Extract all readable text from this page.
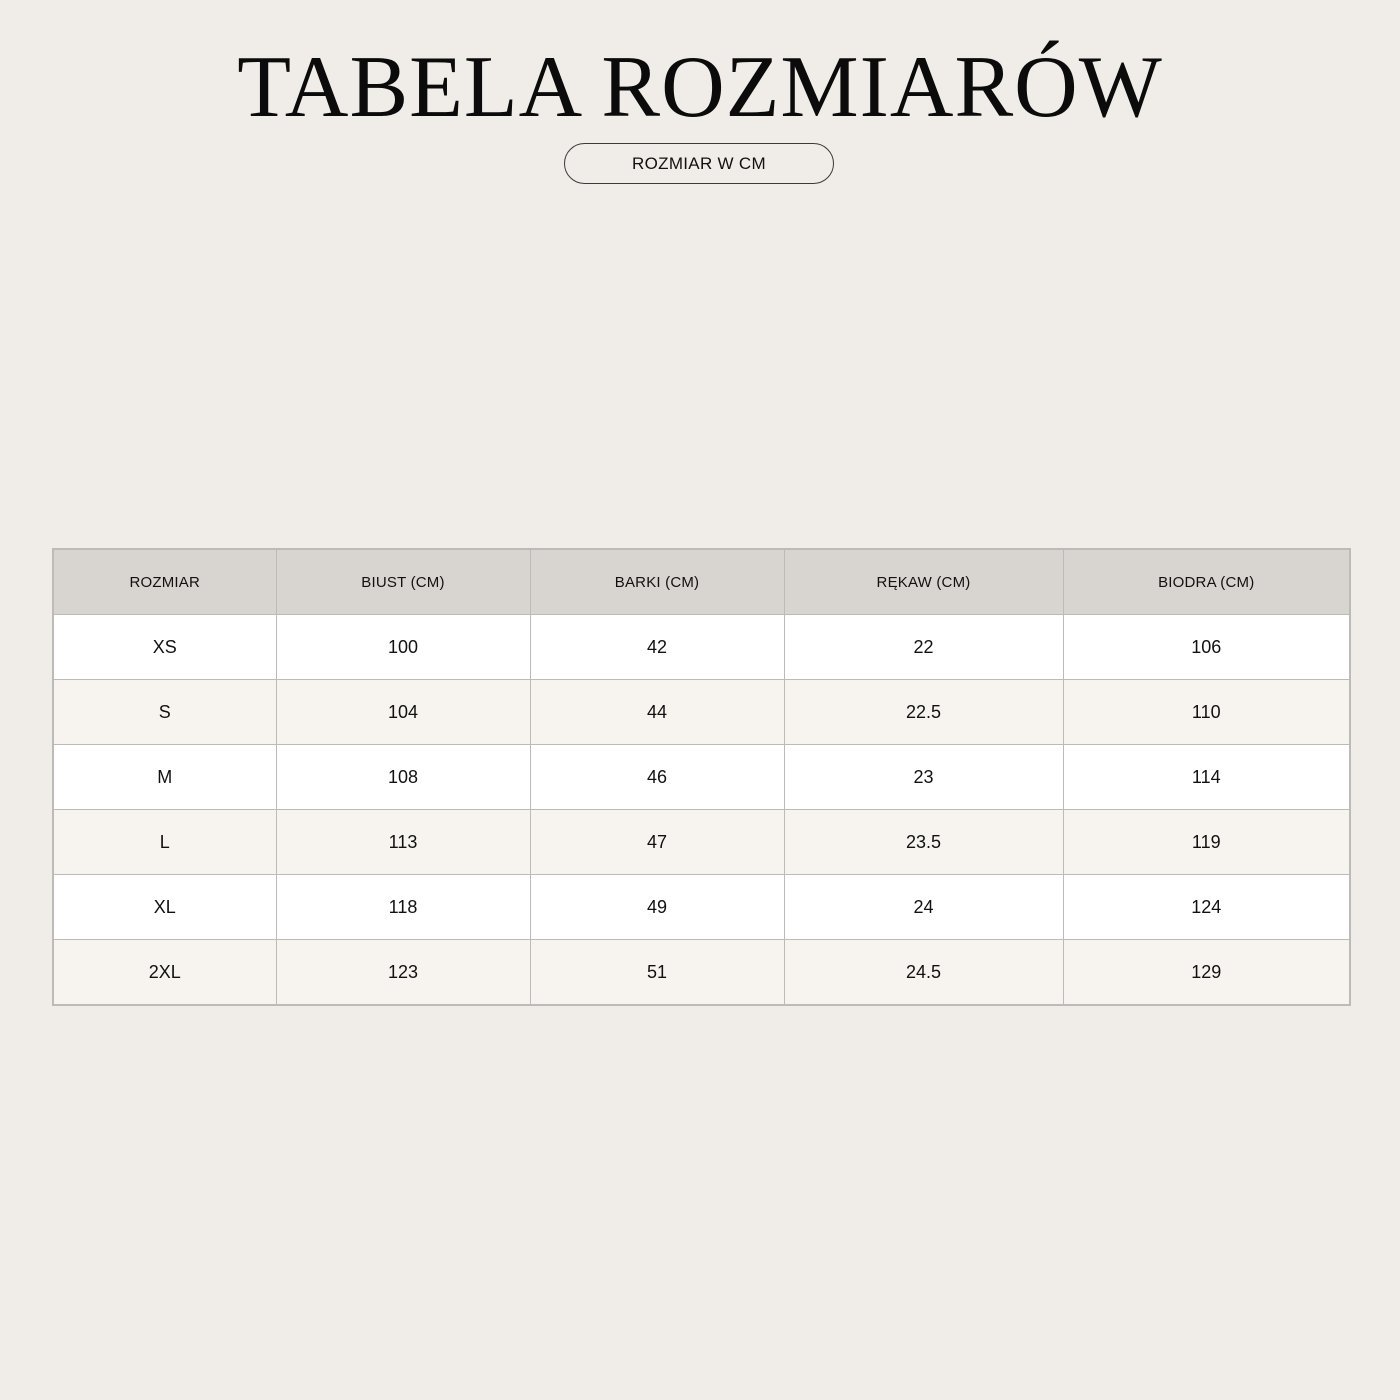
TABELA ROZMIARÓW
ROZMIAR W CM
ROZMIAR	BIUST (CM)	BARKI (CM)	RĘKAW (CM)	BIODRA (CM)
XS	100	42	22	106
S	104	44	22.5	110
M	108	46	23	114
L	113	47	23.5	119
XL	118	49	24	124
2XL	123	51	24.5	129
